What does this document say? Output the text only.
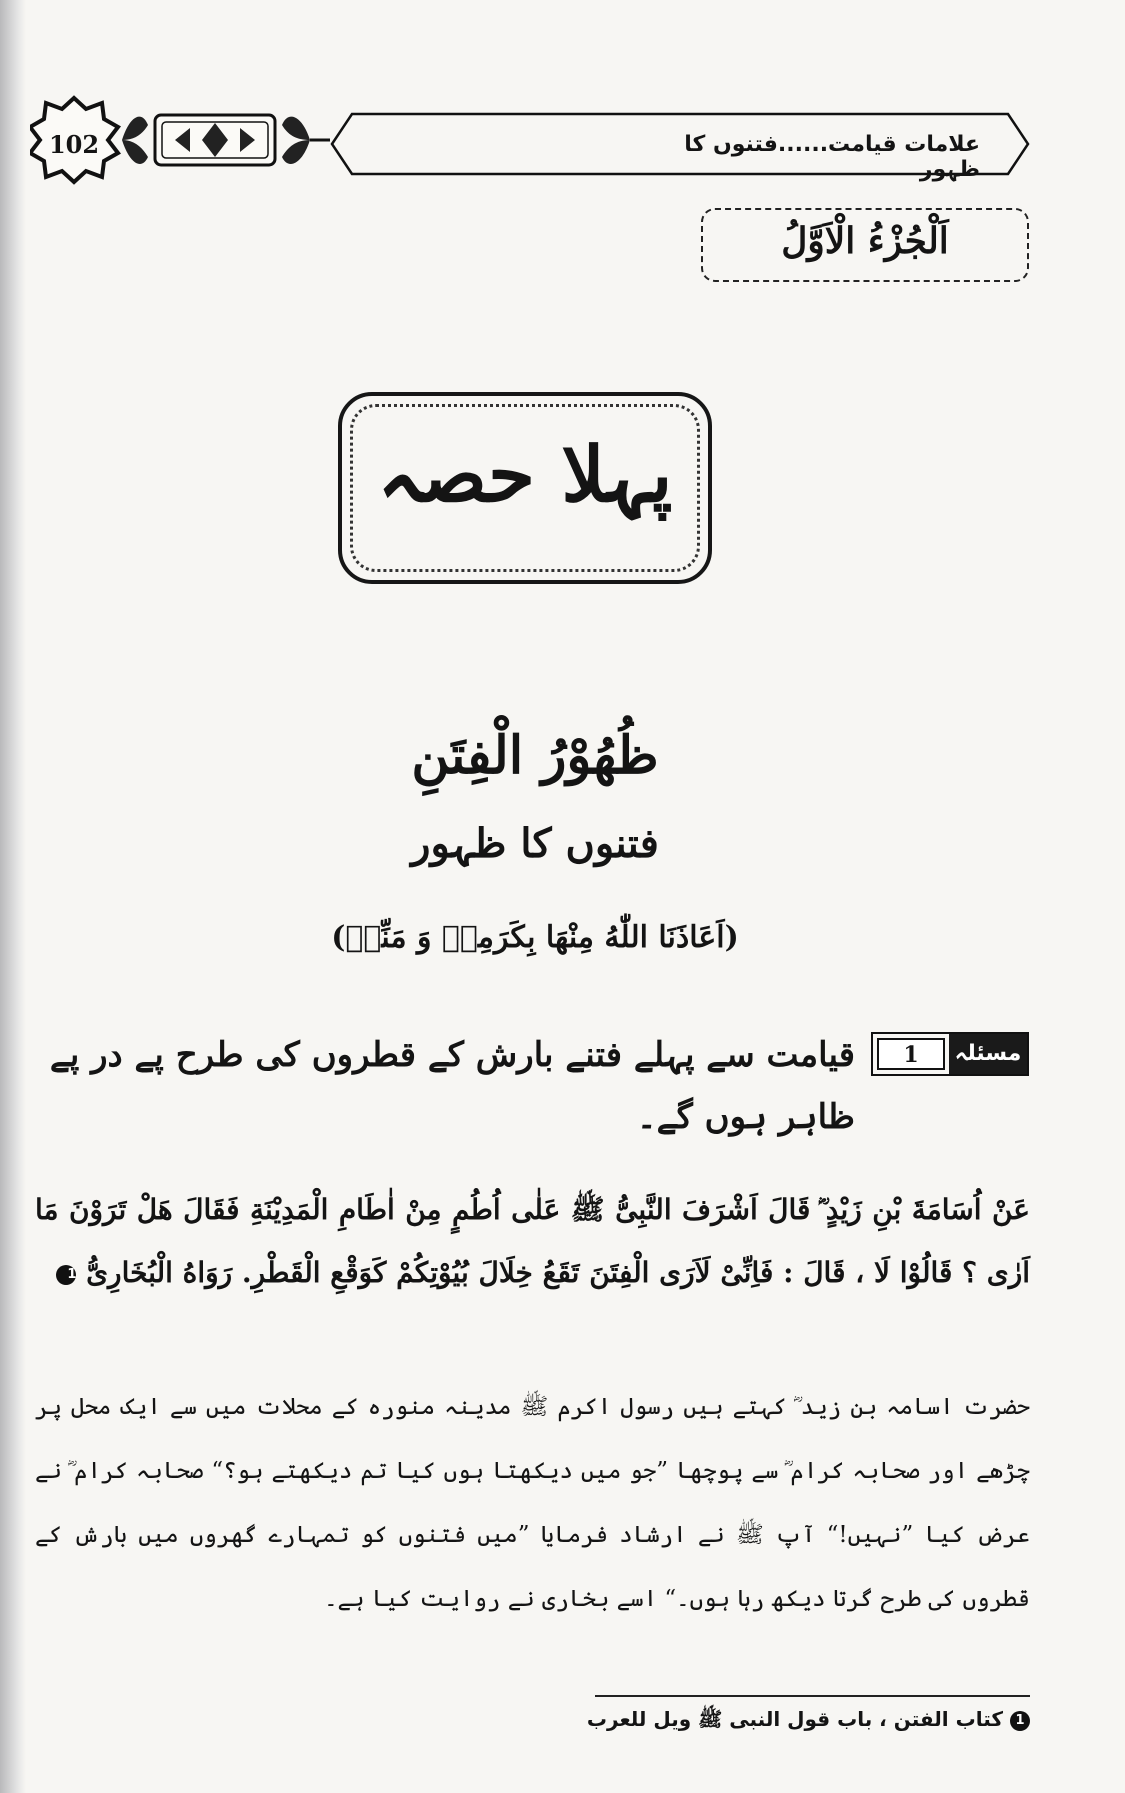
102	علامات قیامت......فتنوں کا ظہور
اَلْجُزْءُ الْاَوَّلُ
پہلا حصہ
ظُهُوْرُ الْفِتَنِ
فتنوں کا ظہور
(اَعَاذَنَا اللّٰهُ مِنْهَا بِكَرَمِهٖ وَ مَنِّهٖ)
مسئلہ
1
قیامت سے پہلے فتنے بارش کے قطروں کی طرح پے در پے ظاہر ہوں گے۔
عَنْ اُسَامَةَ بْنِ زَيْدٍ ؓ قَالَ اَشْرَفَ النَّبِیُّ ﷺ عَلٰى اُطُمٍ مِنْ اٰطَامِ الْمَدِيْنَةِ فَقَالَ هَلْ تَرَوْنَ مَا اَرٰى ؟ قَالُوْا لَا ، قَالَ : فَاِنِّیْ لَاَرَى الْفِتَنَ تَقَعُ خِلَالَ بُيُوْتِكُمْ كَوَقْعِ الْقَطْرِ. رَوَاهُ الْبُخَارِیُّ 1
حضرت اسامہ بن زید ؓ کہتے ہیں رسول اکرم ﷺ مدینہ منورہ کے محلات میں سے ایک محل پر چڑھے اور صحابہ کرام ؓ سے پوچھا ”جو میں دیکھتا ہوں کیا تم دیکھتے ہو؟“ صحابہ کرام ؓ نے عرض کیا ”نہیں!“ آپ ﷺ نے ارشاد فرمایا ”میں فتنوں کو تمہارے گھروں میں بارش کے قطروں کی طرح گرتا دیکھ رہا ہوں۔“ اسے بخاری نے روایت کیا ہے۔
1 كتاب الفتن ، باب قول النبی ﷺ ويل للعرب
